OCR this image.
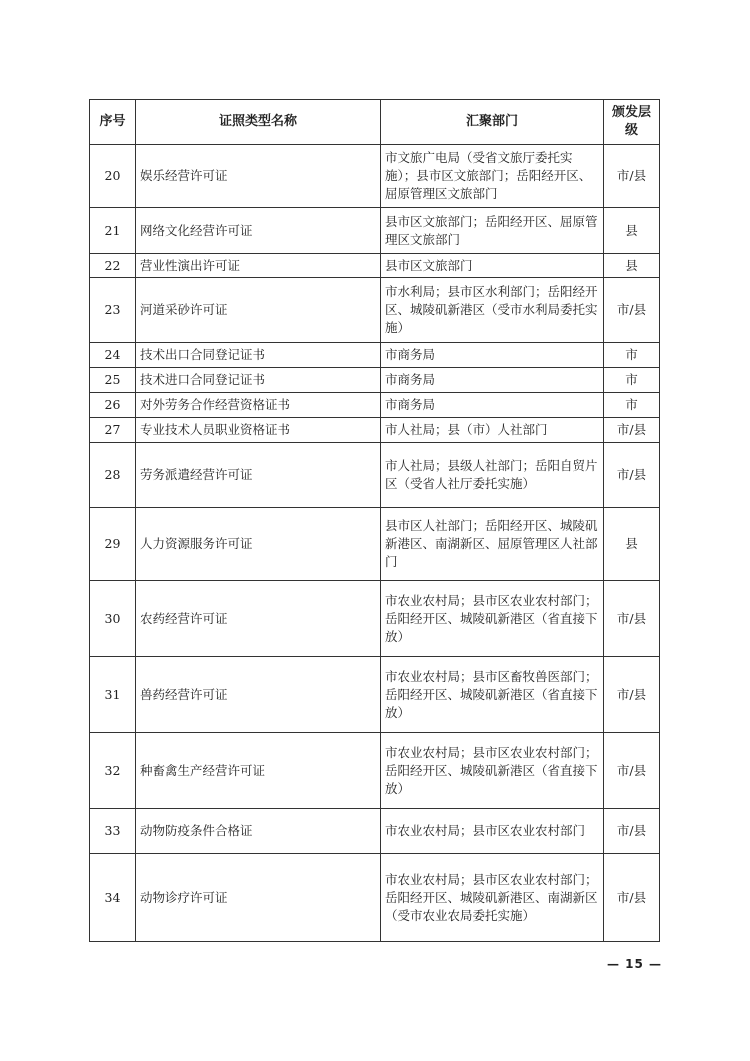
序号	证照类型名称	汇聚部门	颁发层级
20	娱乐经营许可证	市文旅广电局（受省文旅厅委托实施）；县市区文旅部门；岳阳经开区、屈原管理区文旅部门	市/县
21	网络文化经营许可证	县市区文旅部门；岳阳经开区、屈原管理区文旅部门	县
22	营业性演出许可证	县市区文旅部门	县
23	河道采砂许可证	市水利局；县市区水利部门；岳阳经开区、城陵矶新港区（受市水利局委托实施）	市/县
24	技术出口合同登记证书	市商务局	市
25	技术进口合同登记证书	市商务局	市
26	对外劳务合作经营资格证书	市商务局	市
27	专业技术人员职业资格证书	市人社局；县（市）人社部门	市/县
28	劳务派遣经营许可证	市人社局；县级人社部门；岳阳自贸片区（受省人社厅委托实施）	市/县
29	人力资源服务许可证	县市区人社部门；岳阳经开区、城陵矶新港区、南湖新区、屈原管理区人社部门	县
30	农药经营许可证	市农业农村局；县市区农业农村部门；岳阳经开区、城陵矶新港区（省直接下放）	市/县
31	兽药经营许可证	市农业农村局；县市区畜牧兽医部门；岳阳经开区、城陵矶新港区（省直接下放）	市/县
32	种畜禽生产经营许可证	市农业农村局；县市区农业农村部门；岳阳经开区、城陵矶新港区（省直接下放）	市/县
33	动物防疫条件合格证	市农业农村局；县市区农业农村部门	市/县
34	动物诊疗许可证	市农业农村局；县市区农业农村部门；岳阳经开区、城陵矶新港区、南湖新区（受市农业农局委托实施）	市/县
— 15 —
